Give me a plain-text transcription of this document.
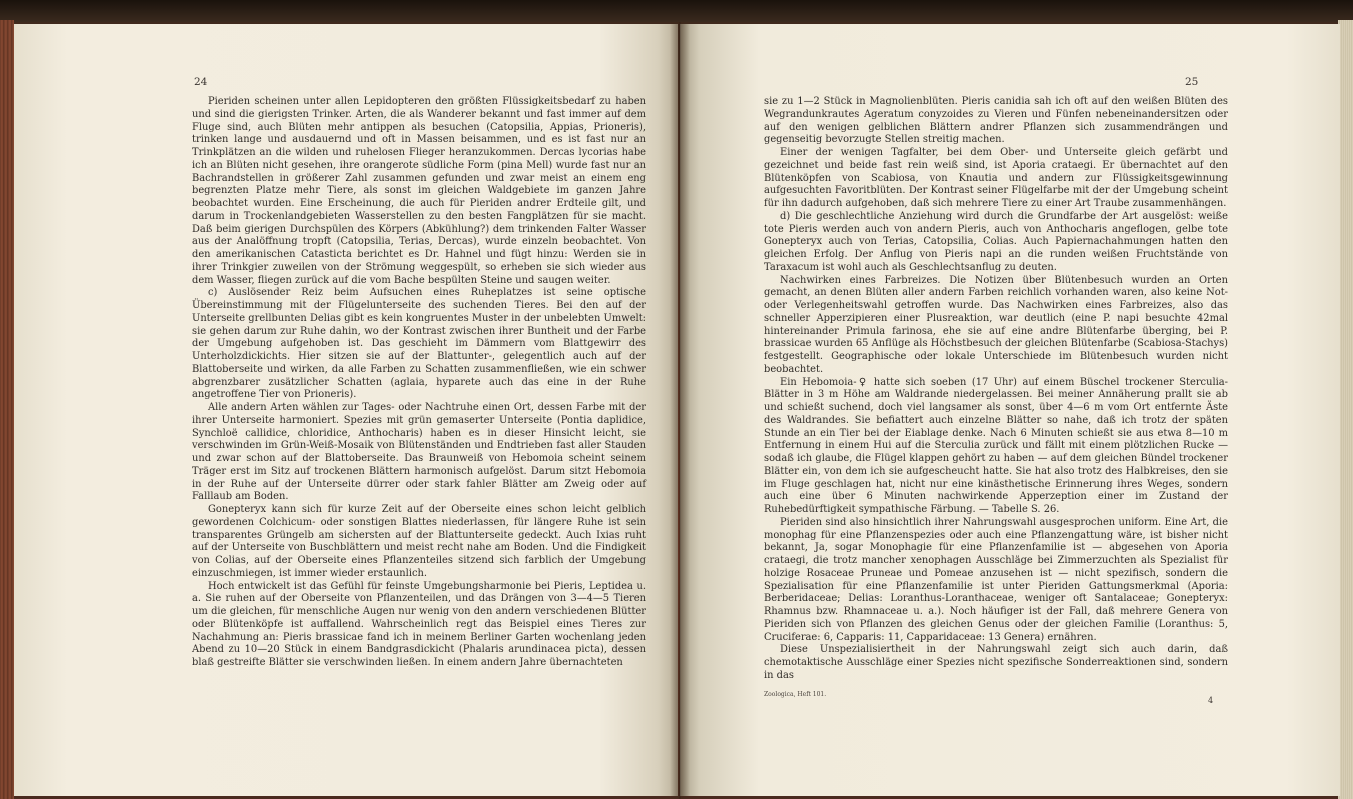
24

Pieriden scheinen unter allen Lepidopteren den größten Flüssigkeitsbedarf zu haben und sind die gierigsten Trinker. Arten, die als Wanderer bekannt und fast immer auf dem Fluge sind, auch Blüten mehr antippen als besuchen (Catopsilia, Appias, Prioneris), trinken lange und ausdauernd und oft in Massen beisammen, und es ist fast nur an Trinkplätzen an die wilden und ruhelosen Flieger heranzukommen. Dercas lycorias habe ich an Blüten nicht gesehen, ihre orangerote südliche Form (pina Mell) wurde fast nur an Bachrandstellen in größerer Zahl zusammen gefunden und zwar meist an einem eng begrenzten Platze mehr Tiere, als sonst im gleichen Waldgebiete im ganzen Jahre beobachtet wurden. Eine Erscheinung, die auch für Pieriden andrer Erdteile gilt, und darum in Trockenlandgebieten Wasserstellen zu den besten Fangplätzen für sie macht. Daß beim gierigen Durchspülen des Körpers (Abkühlung?) dem trinkenden Falter Wasser aus der Analöffnung tropft (Catopsilia, Terias, Dercas), wurde einzeln beobachtet. Von den amerikanischen Catasticta berichtet es Dr. Hahnel und fügt hinzu: Werden sie in ihrer Trinkgier zuweilen von der Strömung weggespült, so erheben sie sich wieder aus dem Wasser, fliegen zurück auf die vom Bache bespülten Steine und saugen weiter.

c) Auslösender Reiz beim Aufsuchen eines Ruheplatzes ist seine optische Übereinstimmung mit der Flügelunterseite des suchenden Tieres. Bei den auf der Unterseite grellbunten Delias gibt es kein kongruentes Muster in der unbelebten Umwelt: sie gehen darum zur Ruhe dahin, wo der Kontrast zwischen ihrer Buntheit und der Farbe der Umgebung aufgehoben ist. Das geschieht im Dämmern vom Blattgewirr des Unterholzdickichts. Hier sitzen sie auf der Blattunter-, gelegentlich auch auf der Blattoberseite und wirken, da alle Farben zu Schatten zusammenfließen, wie ein schwer abgrenzbarer zusätzlicher Schatten (aglaia, hyparete auch das eine in der Ruhe angetroffene Tier von Prioneris).

Alle andern Arten wählen zur Tages- oder Nachtruhe einen Ort, dessen Farbe mit der ihrer Unterseite harmoniert. Spezies mit grün gemaserter Unterseite (Pontia daplidice, Synchloë callidice, chloridice, Anthocharis) haben es in dieser Hinsicht leicht, sie verschwinden im Grün-Weiß-Mosaik von Blütenständen und Endtrieben fast aller Stauden und zwar schon auf der Blattoberseite. Das Braunweiß von Hebomoia scheint seinem Träger erst im Sitz auf trockenen Blättern harmonisch aufgelöst. Darum sitzt Hebomoia in der Ruhe auf der Unterseite dürrer oder stark fahler Blätter am Zweig oder auf Falllaub am Boden.

Gonepteryx kann sich für kurze Zeit auf der Oberseite eines schon leicht gelblich gewordenen Colchicum- oder sonstigen Blattes niederlassen, für längere Ruhe ist sein transparentes Grüngelb am sichersten auf der Blattunterseite gedeckt. Auch Ixias ruht auf der Unterseite von Buschblättern und meist recht nahe am Boden. Und die Findigkeit von Colias, auf der Oberseite eines Pflanzenteiles sitzend sich farblich der Umgebung einzuschmiegen, ist immer wieder erstaunlich.

Hoch entwickelt ist das Gefühl für feinste Umgebungsharmonie bei Pieris, Leptidea u. a. Sie ruhen auf der Oberseite von Pflanzenteilen, und das Drängen von 3—4—5 Tieren um die gleichen, für menschliche Augen nur wenig von den andern verschiedenen Blütter oder Blütenköpfe ist auffallend. Wahrscheinlich regt das Beispiel eines Tieres zur Nachahmung an: Pieris brassicae fand ich in meinem Berliner Garten wochenlang jeden Abend zu 10—20 Stück in einem Bandgrasdickicht (Phalaris arundinacea picta), dessen blaß gestreifte Blätter sie verschwinden ließen. In einem andern Jahre übernachteten

25

sie zu 1—2 Stück in Magnolienblüten. Pieris canidia sah ich oft auf den weißen Blüten des Wegrandunkrautes Ageratum conyzoides zu Vieren und Fünfen nebeneinandersitzen oder auf den wenigen gelblichen Blättern andrer Pflanzen sich zusammendrängen und gegenseitig bevorzugte Stellen streitig machen.

Einer der wenigen Tagfalter, bei dem Ober- und Unterseite gleich gefärbt und gezeichnet und beide fast rein weiß sind, ist Aporia crataegi. Er übernachtet auf den Blütenköpfen von Scabiosa, von Knautia und andern zur Flüssigkeitsgewinnung aufgesuchten Favoritblüten. Der Kontrast seiner Flügelfarbe mit der der Umgebung scheint für ihn dadurch aufgehoben, daß sich mehrere Tiere zu einer Art Traube zusammenhängen.

d) Die geschlechtliche Anziehung wird durch die Grundfarbe der Art ausgelöst: weiße tote Pieris werden auch von andern Pieris, auch von Anthocharis angeflogen, gelbe tote Gonepteryx auch von Terias, Catopsilia, Colias. Auch Papiernachahmungen hatten den gleichen Erfolg. Der Anflug von Pieris napi an die runden weißen Fruchtstände von Taraxacum ist wohl auch als Geschlechtsanflug zu deuten.

Nachwirken eines Farbreizes. Die Notizen über Blütenbesuch wurden an Orten gemacht, an denen Blüten aller andern Farben reichlich vorhanden waren, also keine Not- oder Verlegenheitswahl getroffen wurde. Das Nachwirken eines Farbreizes, also das schneller Apperzipieren einer Plusreaktion, war deutlich (eine P. napi besuchte 42mal hintereinander Primula farinosa, ehe sie auf eine andre Blütenfarbe überging, bei P. brassicae wurden 65 Anflüge als Höchstbesuch der gleichen Blütenfarbe (Scabiosa-Stachys) festgestellt. Geographische oder lokale Unterschiede im Blütenbesuch wurden nicht beobachtet.

Ein Hebomoia-♀ hatte sich soeben (17 Uhr) auf einem Büschel trockener Sterculia-Blätter in 3 m Höhe am Waldrande niedergelassen. Bei meiner Annäherung prallt sie ab und schießt suchend, doch viel langsamer als sonst, über 4—6 m vom Ort entfernte Äste des Waldrandes. Sie befiattert auch einzelne Blätter so nahe, daß ich trotz der späten Stunde an ein Tier bei der Eiablage denke. Nach 6 Minuten schießt sie aus etwa 8—10 m Entfernung in einem Hui auf die Sterculia zurück und fällt mit einem plötzlichen Rucke — sodaß ich glaube, die Flügel klappen gehört zu haben — auf dem gleichen Bündel trockener Blätter ein, von dem ich sie aufgescheucht hatte. Sie hat also trotz des Halbkreises, den sie im Fluge geschlagen hat, nicht nur eine kinästhetische Erinnerung ihres Weges, sondern auch eine über 6 Minuten nachwirkende Apperzeption einer im Zustand der Ruhebedürftigkeit sympathische Färbung. — Tabelle S. 26.

Pieriden sind also hinsichtlich ihrer Nahrungswahl ausgesprochen uniform. Eine Art, die monophag für eine Pflanzenspezies oder auch eine Pflanzengattung wäre, ist bisher nicht bekannt, Ja, sogar Monophagie für eine Pflanzenfamilie ist — abgesehen von Aporia crataegi, die trotz mancher xenophagen Ausschläge bei Zimmerzuchten als Spezialist für holzige Rosaceae Pruneae und Pomeae anzusehen ist — nicht spezifisch, sondern die Spezialisation für eine Pflanzenfamilie ist unter Pieriden Gattungsmerkmal (Aporia: Berberidaceae; Delias: Loranthus-Loranthaceae, weniger oft Santalaceae; Gonepteryx: Rhamnus bzw. Rhamnaceae u. a.). Noch häufiger ist der Fall, daß mehrere Genera von Pieriden sich von Pflanzen des gleichen Genus oder der gleichen Familie (Loranthus: 5, Cruciferae: 6, Capparis: 11, Capparidaceae: 13 Genera) ernähren.

Diese Unspezialisiertheit in der Nahrungswahl zeigt sich auch darin, daß chemotaktische Ausschläge einer Spezies nicht spezifische Sonderreaktionen sind, sondern in das

Zoologica, Heft 101.
4
